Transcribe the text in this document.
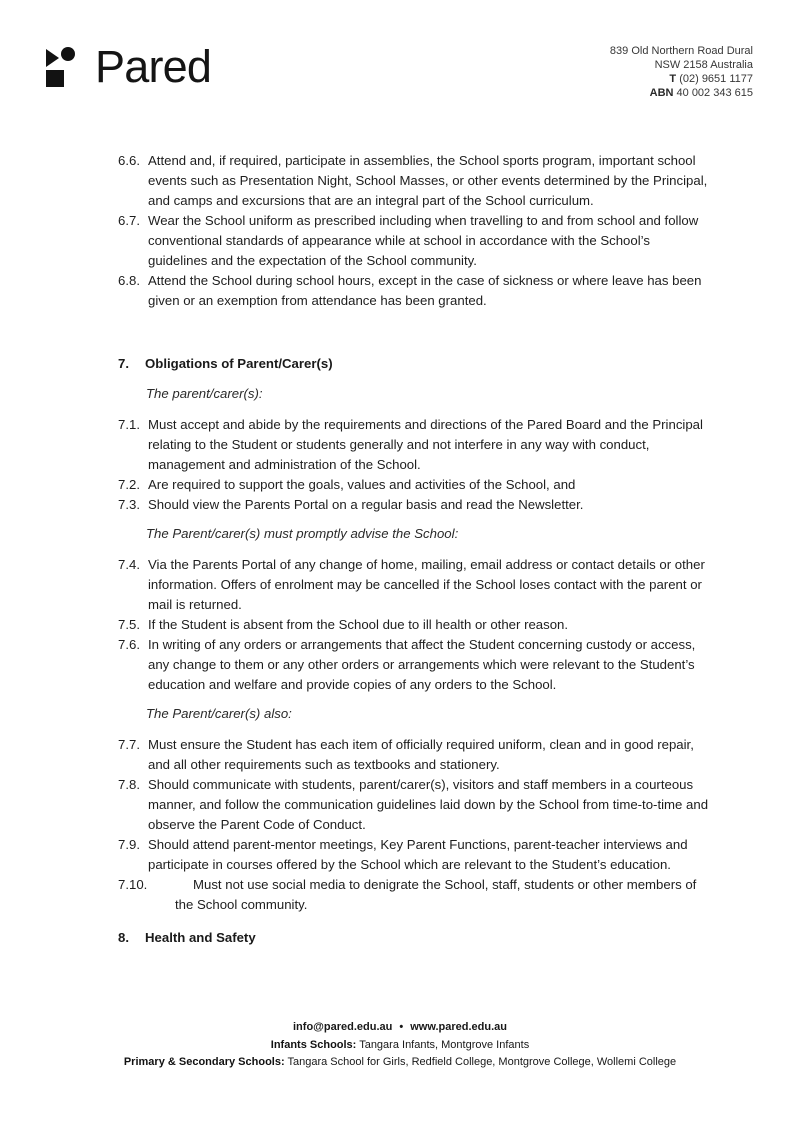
Pared	839 Old Northern Road Dural
NSW 2158 Australia
T (02) 9651 1177
ABN 40 002 343 615
6.6. Attend and, if required, participate in assemblies, the School sports program, important school events such as Presentation Night, School Masses, or other events determined by the Principal, and camps and excursions that are an integral part of the School curriculum.
6.7. Wear the School uniform as prescribed including when travelling to and from school and follow conventional standards of appearance while at school in accordance with the School’s guidelines and the expectation of the School community.
6.8. Attend the School during school hours, except in the case of sickness or where leave has been given or an exemption from attendance has been granted.
7.	Obligations of Parent/Carer(s)
The parent/carer(s):
7.1. Must accept and abide by the requirements and directions of the Pared Board and the Principal relating to the Student or students generally and not interfere in any way with conduct, management and administration of the School.
7.2. Are required to support the goals, values and activities of the School, and
7.3. Should view the Parents Portal on a regular basis and read the Newsletter.
The Parent/carer(s) must promptly advise the School:
7.4. Via the Parents Portal of any change of home, mailing, email address or contact details or other information. Offers of enrolment may be cancelled if the School loses contact with the parent or mail is returned.
7.5. If the Student is absent from the School due to ill health or other reason.
7.6. In writing of any orders or arrangements that affect the Student concerning custody or access, any change to them or any other orders or arrangements which were relevant to the Student’s education and welfare and provide copies of any orders to the School.
The Parent/carer(s) also:
7.7. Must ensure the Student has each item of officially required uniform, clean and in good repair, and all other requirements such as textbooks and stationery.
7.8. Should communicate with students, parent/carer(s), visitors and staff members in a courteous manner, and follow the communication guidelines laid down by the School from time-to-time and observe the Parent Code of Conduct.
7.9. Should attend parent-mentor meetings, Key Parent Functions, parent-teacher interviews and participate in courses offered by the School which are relevant to the Student’s education.
7.10.	Must not use social media to denigrate the School, staff, students or other members of the School community.
8.	Health and Safety
info@pared.edu.au • www.pared.edu.au
Infants Schools: Tangara Infants, Montgrove Infants
Primary & Secondary Schools: Tangara School for Girls, Redfield College, Montgrove College, Wollemi College
